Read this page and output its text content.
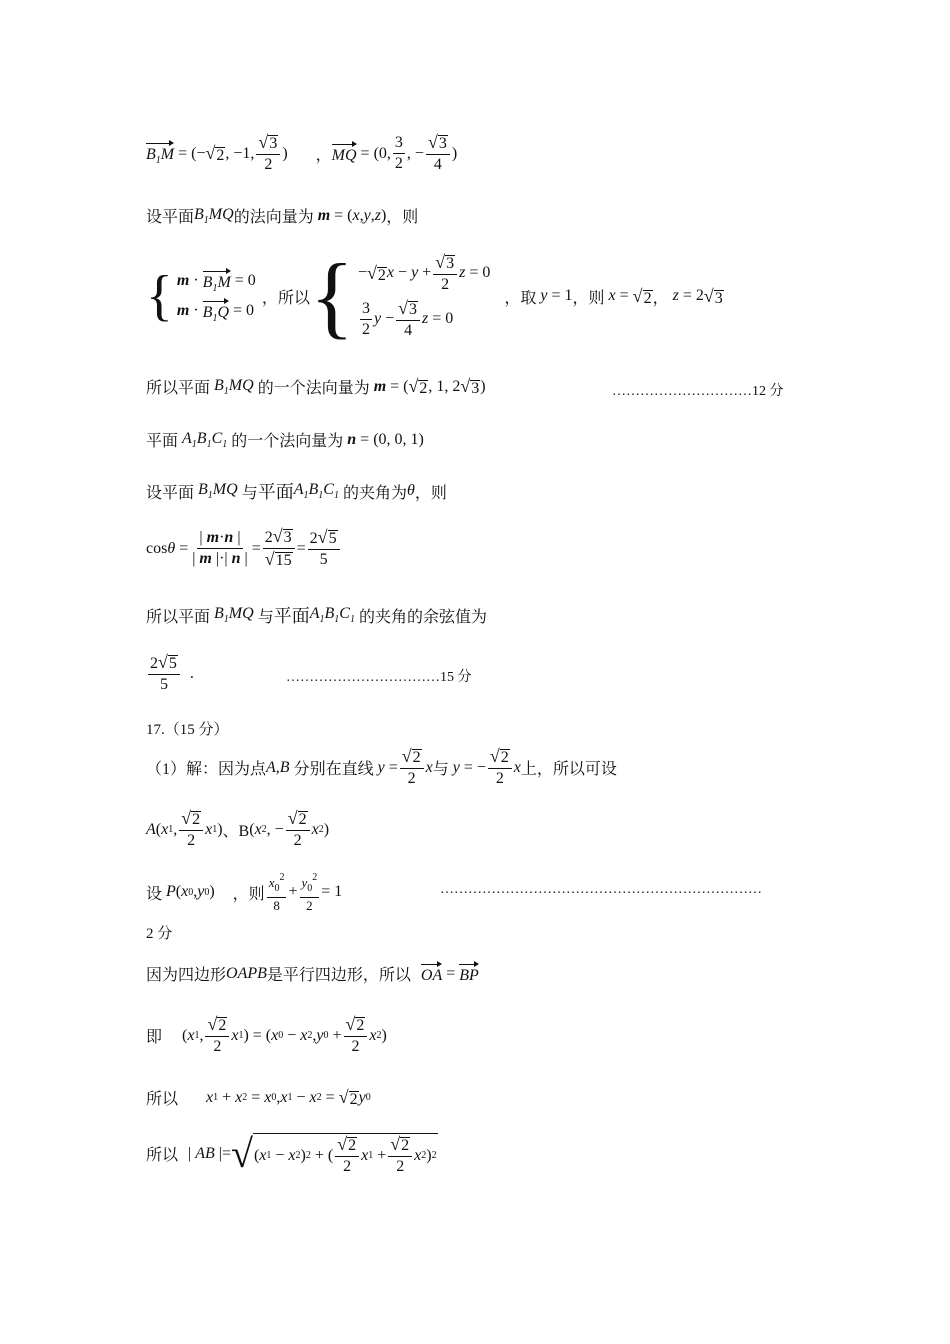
$B_1M$ = (− √ 2 , −1, $\frac{√ 3}{2}$ ) ， MQ = (0, $\frac{3}{2}$ , − $\frac{√ 3}{4}$ )
设平面 $B_1MQ$ 的法向量为 m = ( x , y , z ) ，则
{ $m \cdot B_1M = 0$
$m \cdot B_1Q = 0$
，所以 { − √ 2 $x - y + \frac{√ 3}{2}$ z = 0
$\frac{3}{2}$ $y - \frac{√ 3}{4}$ z = 0
，取 y = 1 ，则 x = √ 2 ， z = 2 √ 3
所以平面 $B_1MQ$ 的一个法向量为 m = ( √ 2 , 1, 2 √ 3 )	…………………………12 分
平面 $A_1B_1C_1$ 的一个法向量为 n = (0, 0, 1)
设平面 $B_1MQ$ 与 平面 $A_1B_1C_1$ 的夹角为 θ ，则
$\cos \theta = \frac{| m\cdot n |}{| m |\cdot| n |} = \frac{2 √ 3}{√ 15} = \frac{2 √ 5}{5}$
所以平面 $B_1MQ$ 与 平面 $A_1B_1C_1$ 的夹角的余弦值为
$\frac{2 √ 5}{5}$ .	……………………………15 分
17.（15 分）
（1）解：因为点 A , B
分别在直线 $y = \frac{√ 2}{2}$ x 与 y = − $\frac{√ 2}{2}$ x 上，所以可设
A ( x 1 , $\frac{√ 2}{2}$ x 1 ) 、B ( x 2 , − $\frac{√ 2}{2}$ x 2 )
设 P ( x 0 , y 0 ) ，则 $\frac{x_0^2}{8} + \frac{y_0^2}{2} = 1$	……………………………………………………………
2 分
因为四边形 OAPB 是平行四边形，所以 OA = BP
即 ( x 1 , $\frac{√ 2}{2}$ x 1 ) = ( x 0 − x 2 , y $0 + \frac{√ 2}{2}$ x 2 )
所以 x 1 + x 2 = x 0 , x 1 − x 2 = √ 2 y 0
所以 | AB |= √ ( x 1 − x 2 ) 2 + ( $\frac{√ 2}{2}$ x $1 + \frac{√ 2}{2}$ x 2 ) 2
